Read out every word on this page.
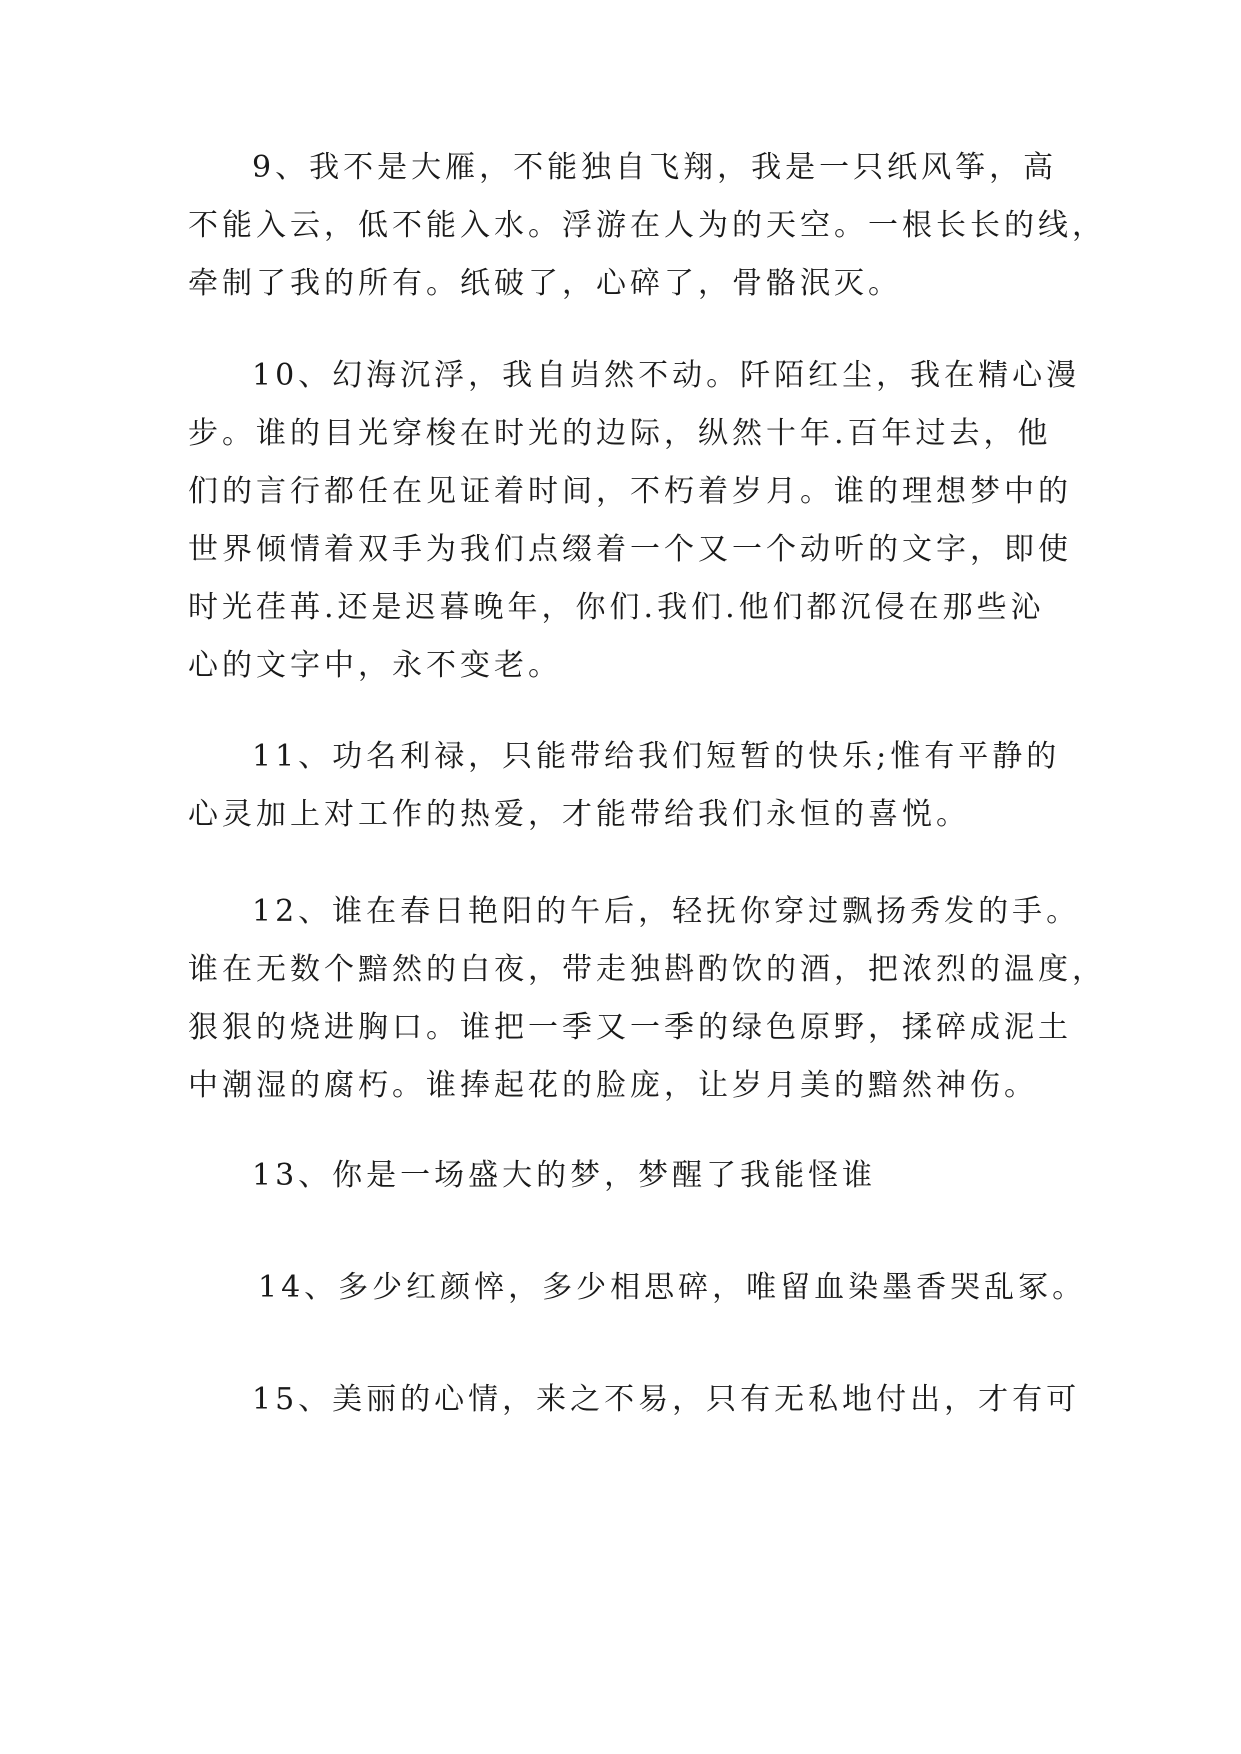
9、我不是大雁，不能独自飞翔，我是一只纸风筝，高
不能入云，低不能入水。浮游在人为的天空。一根长长的线，
牵制了我的所有。纸破了，心碎了，骨骼泯灭。
10、幻海沉浮，我自岿然不动。阡陌红尘，我在精心漫
步。谁的目光穿梭在时光的边际，纵然十年.百年过去，他
们的言行都任在见证着时间，不朽着岁月。谁的理想梦中的
世界倾情着双手为我们点缀着一个又一个动听的文字，即使
时光荏苒.还是迟暮晚年，你们.我们.他们都沉侵在那些沁
心的文字中，永不变老。
11、功名利禄，只能带给我们短暂的快乐;惟有平静的
心灵加上对工作的热爱，才能带给我们永恒的喜悦。
12、谁在春日艳阳的午后，轻抚你穿过飘扬秀发的手。
谁在无数个黯然的白夜，带走独斟酌饮的酒，把浓烈的温度，
狠狠的烧进胸口。谁把一季又一季的绿色原野，揉碎成泥土
中潮湿的腐朽。谁捧起花的脸庞，让岁月美的黯然神伤。
13、你是一场盛大的梦，梦醒了我能怪谁
14、多少红颜悴，多少相思碎，唯留血染墨香哭乱冢。
15、美丽的心情，来之不易，只有无私地付出，才有可
